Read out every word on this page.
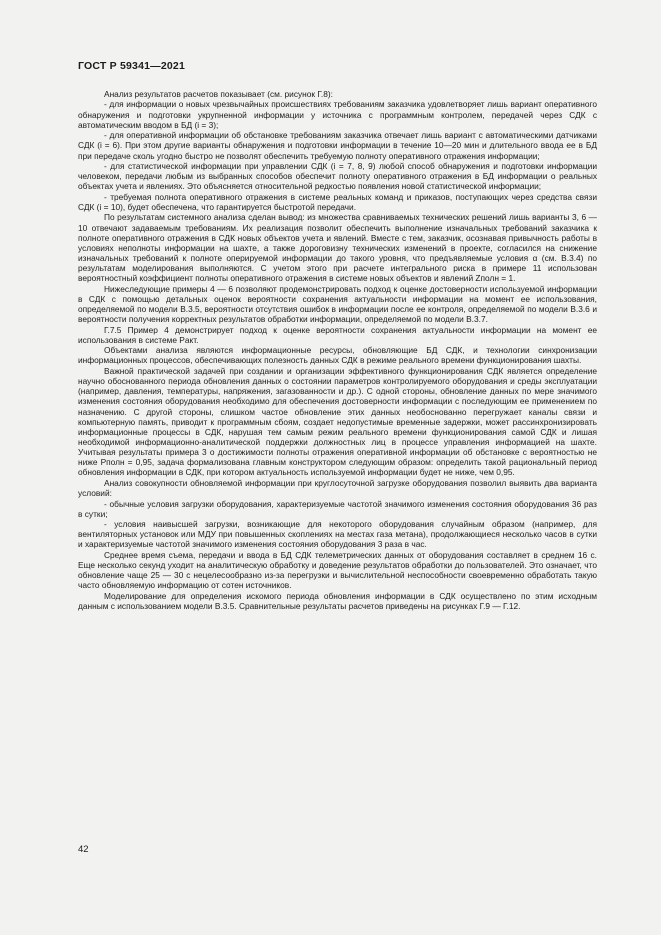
ГОСТ Р 59341—2021

Анализ результатов расчетов показывает (см. рисунок Г.8):

- для информации о новых чрезвычайных происшествиях требованиям заказчика удовлетворяет лишь вариант оперативного обнаружения и подготовки укрупненной информации у источника с программным контролем, передачей через СДК с автоматическим вводом в БД (i = 3);

- для оперативной информации об обстановке требованиям заказчика отвечает лишь вариант с автоматическими датчиками СДК (i = 6). При этом другие варианты обнаружения и подготовки информации в течение 10—20 мин и длительного ввода ее в БД при передаче сколь угодно быстро не позволят обеспечить требуемую полноту оперативного отражения информации;

- для статистической информации при управлении СДК (i = 7, 8, 9) любой способ обнаружения и подготовки информации человеком, передачи любым из выбранных способов обеспечит полноту оперативного отражения в БД информации о реальных объектах учета и явлениях. Это объясняется относительной редкостью появления новой статистической информации;

- требуемая полнота оперативного отражения в системе реальных команд и приказов, поступающих через средства связи СДК (i = 10), будет обеспечена, что гарантируется быстротой передачи.

По результатам системного анализа сделан вывод: из множества сравниваемых технических решений лишь варианты 3, 6 — 10 отвечают задаваемым требованиям. Их реализация позволит обеспечить выполнение изначальных требований заказчика к полноте оперативного отражения в СДК новых объектов учета и явлений. Вместе с тем, заказчик, осознавая привычность работы в условиях неполноты информации на шахте, а также дороговизну технических изменений в проекте, согласился на снижение изначальных требований к полноте оперируемой информации до такого уровня, что предъявляемые условия α (см. В.3.4) по результатам моделирования выполняются. С учетом этого при расчете интегрального риска в примере 11 использован вероятностный коэффициент полноты оперативного отражения в системе новых объектов и явлений Zполн = 1.

Нижеследующие примеры 4 — 6 позволяют продемонстрировать подход к оценке достоверности используемой информации в СДК с помощью детальных оценок вероятности сохранения актуальности информации на момент ее использования, определяемой по модели В.3.5, вероятности отсутствия ошибок в информации после ее контроля, определяемой по модели В.3.6 и вероятности получения корректных результатов обработки информации, определяемой по модели В.3.7.

Г.7.5 Пример 4 демонстрирует подход к оценке вероятности сохранения актуальности информации на момент ее использования в системе Pакт.

Объектами анализа являются информационные ресурсы, обновляющие БД СДК, и технологии синхронизации информационных процессов, обеспечивающих полезность данных СДК в режиме реального времени функционирования шахты.

Важной практической задачей при создании и организации эффективного функционирования СДК является определение научно обоснованного периода обновления данных о состоянии параметров контролируемого оборудования и среды эксплуатации (например, давления, температуры, напряжения, загазованности и др.). С одной стороны, обновление данных по мере значимого изменения состояния оборудования необходимо для обеспечения достоверности информации с последующим ее применением по назначению. С другой стороны, слишком частое обновление этих данных необоснованно перегружает каналы связи и компьютерную память, приводит к программным сбоям, создает недопустимые временные задержки, может рассинхронизировать информационные процессы в СДК, нарушая тем самым режим реального времени функционирования самой СДК и лишая необходимой информационно-аналитической поддержки должностных лиц в процессе управления информацией на шахте. Учитывая результаты примера 3 о достижимости полноты отражения оперативной информации об обстановке с вероятностью не ниже Pполн = 0,95, задача формализована главным конструктором следующим образом: определить такой рациональный период обновления информации в СДК, при котором актуальность используемой информации будет не ниже, чем 0,95.

Анализ совокупности обновляемой информации при круглосуточной загрузке оборудования позволил выявить два варианта условий:

- обычные условия загрузки оборудования, характеризуемые частотой значимого изменения состояния оборудования 36 раз в сутки;

- условия наивысшей загрузки, возникающие для некоторого оборудования случайным образом (например, для вентиляторных установок или МДУ при повышенных скоплениях на местах газа метана), продолжающиеся несколько часов в сутки и характеризуемые частотой значимого изменения состояния оборудования 3 раза в час.

Среднее время съема, передачи и ввода в БД СДК телеметрических данных от оборудования составляет в среднем 16 с. Еще несколько секунд уходит на аналитическую обработку и доведение результатов обработки до пользователей. Это означает, что обновление чаще 25 — 30 с нецелесообразно из-за перегрузки и вычислительной неспособности своевременно обработать такую часто обновляемую информацию от сотен источников.

Моделирование для определения искомого периода обновления информации в СДК осуществлено по этим исходным данным с использованием модели В.3.5. Сравнительные результаты расчетов приведены на рисунках Г.9 — Г.12.

42
